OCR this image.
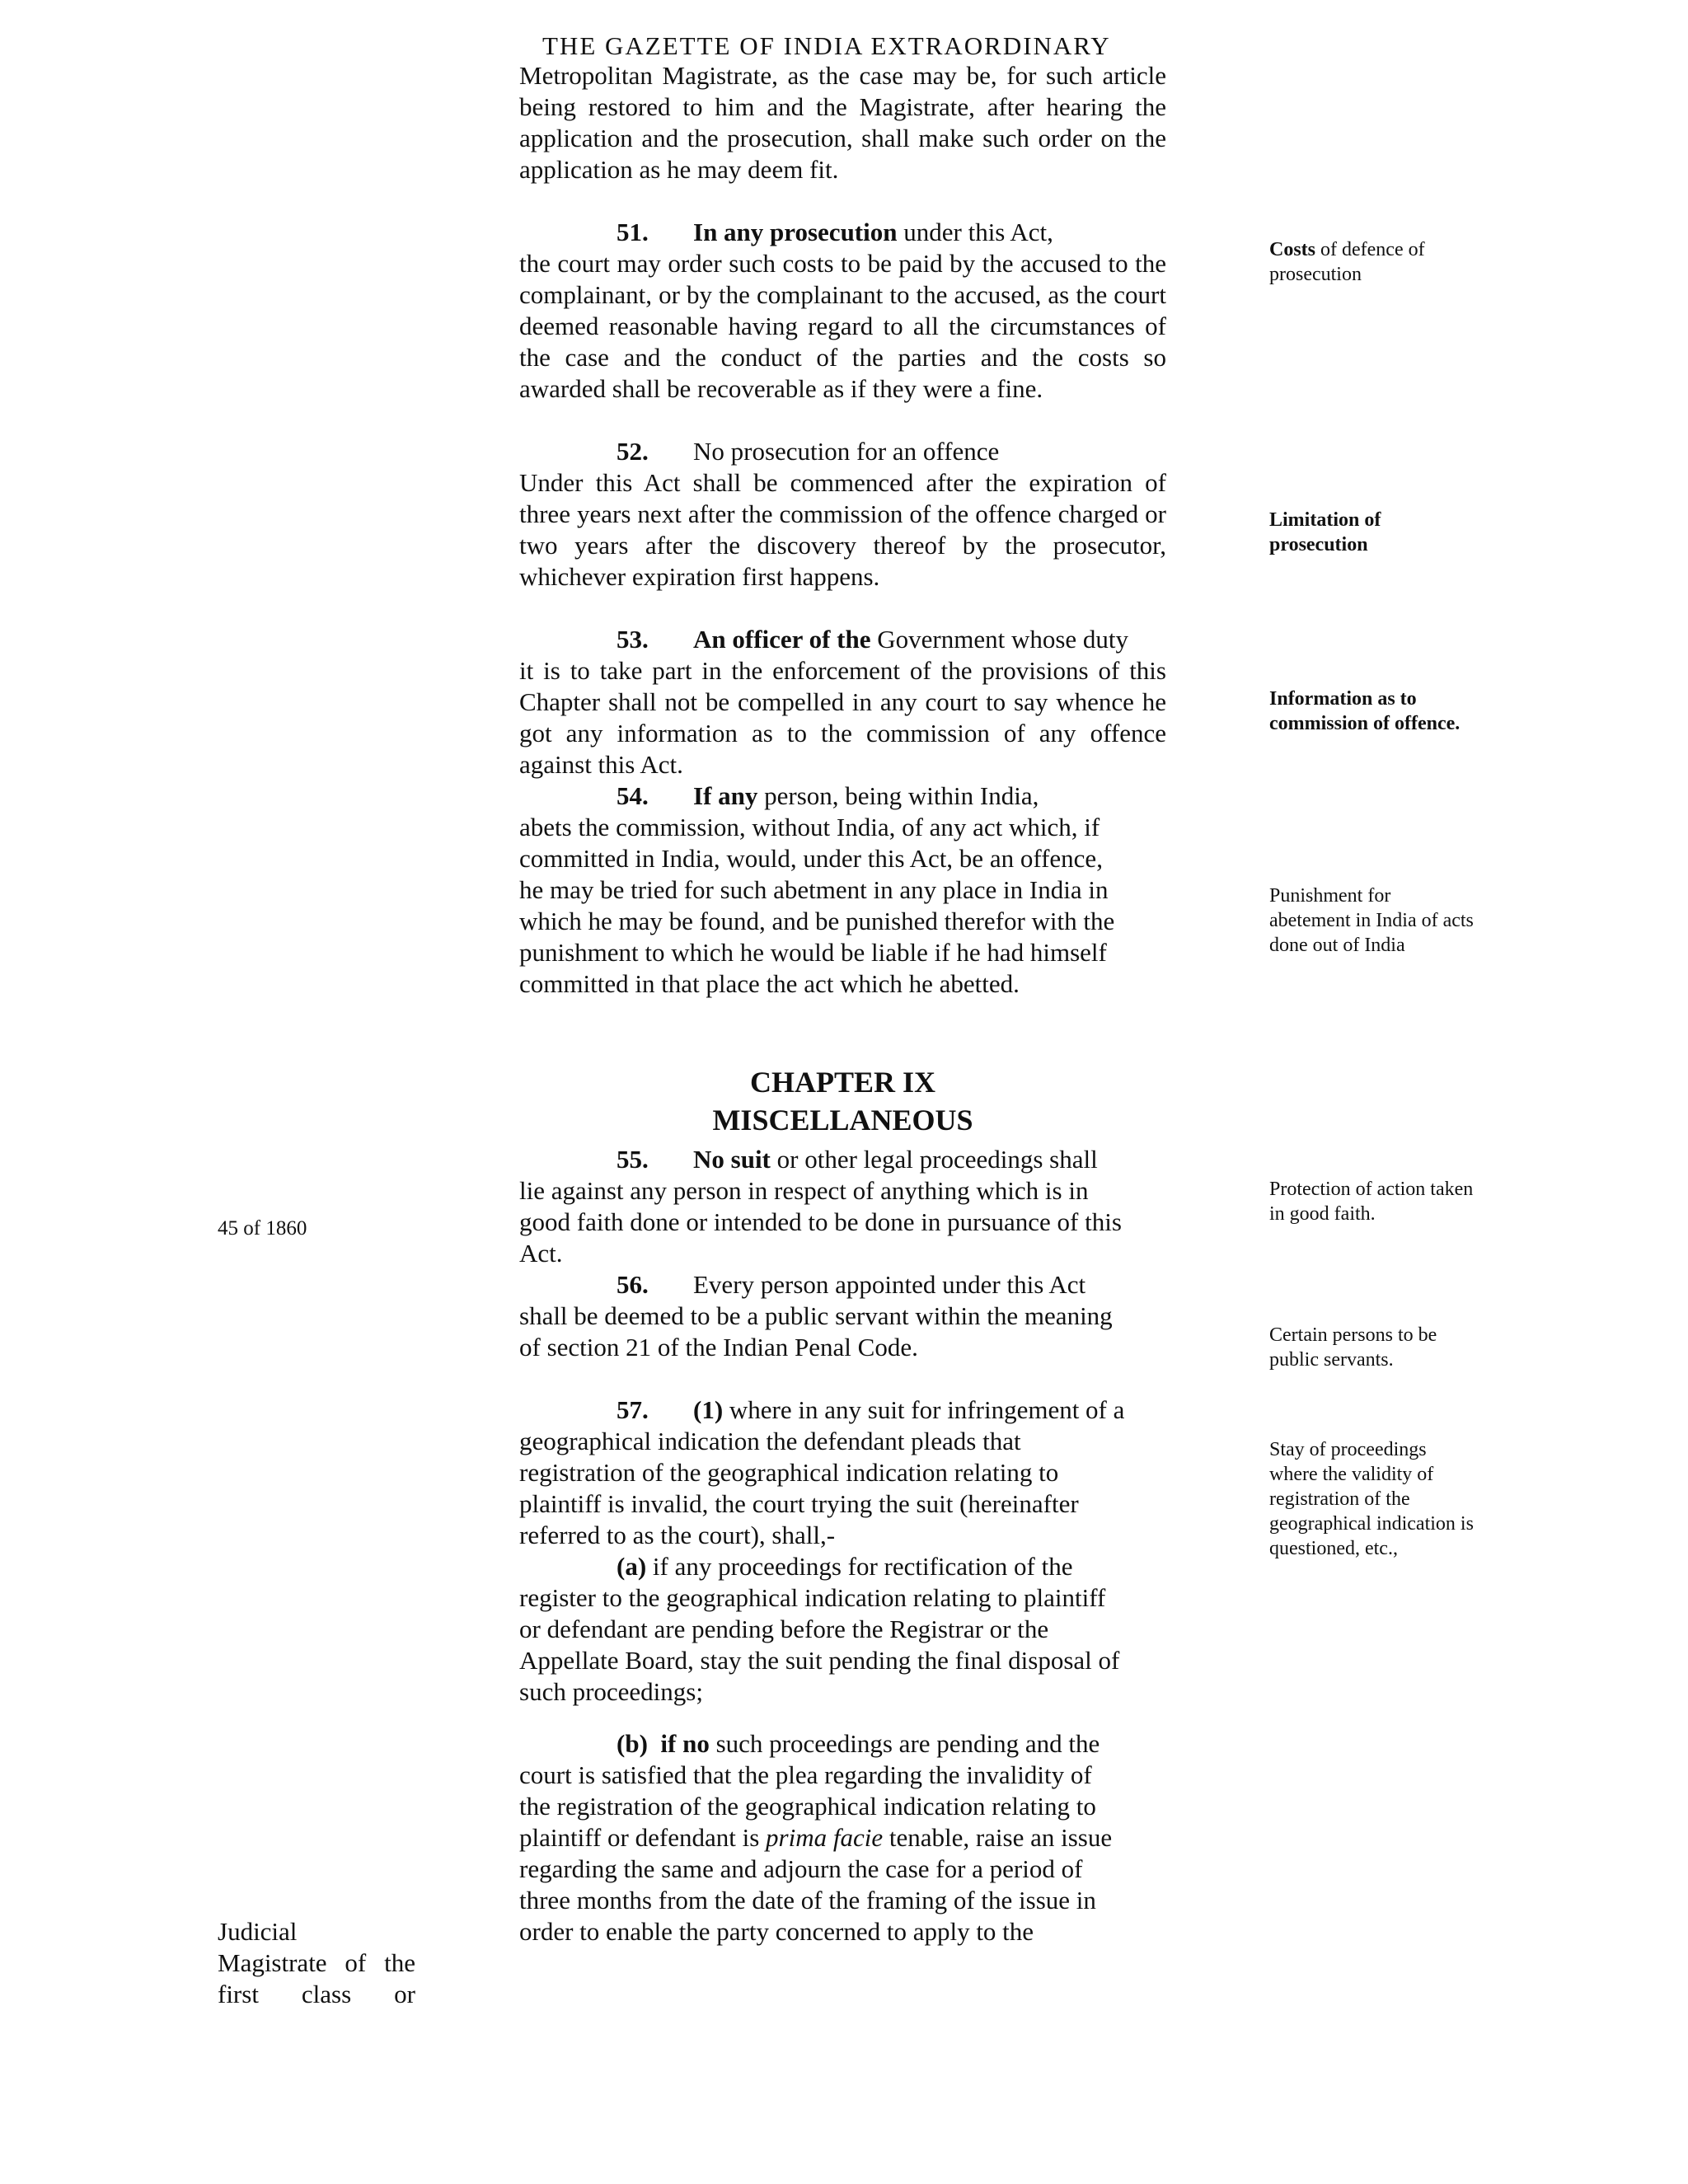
THE GAZETTE OF INDIA EXTRAORDINARY

Metropolitan Magistrate, as the case may be, for such article being restored to him and the Magistrate, after hearing the application and the prosecution, shall make such order on the application as he may deem fit.

51. In any prosecution under this Act,
the court may order such costs to be paid by the accused to the complainant, or by the complainant to the accused, as the court deemed reasonable having regard to all the circumstances of the case and the conduct of the parties and the costs so awarded shall be recoverable as if they were a fine.
52. No prosecution for an offence
Under this Act shall be commenced after the expiration of three years next after the commission of the offence charged or two years after the discovery thereof by the prosecutor, whichever expiration first happens.
53. An officer of the Government whose duty
it is to take part in the enforcement of the provisions of this Chapter shall not be compelled in any court to say whence he got any information as to the commission of any offence against this Act.
54. If any person, being within India,
abets the commission, without India, of any act which, if
committed in India, would, under this Act, be an offence,
he may be tried for such abetment in any place in India in
which he may be found, and be punished therefor with the
punishment to which he would be liable if he had himself
committed in that place the act which he abetted.
CHAPTER IX
MISCELLANEOUS
55. No suit or other legal proceedings shall
lie against any person in respect of anything which is in
good faith done or intended to be done in pursuance of this
Act.
56. Every person appointed under this Act
shall be deemed to be a public servant within the meaning
of section 21 of the Indian Penal Code.
57. (1) where in any suit for infringement of a
geographical indication the defendant pleads that
registration of the geographical indication relating to
plaintiff is invalid, the court trying the suit (hereinafter
referred to as the court), shall,-
(a) if any proceedings for rectification of the
register to the geographical indication relating to plaintiff
or defendant are pending before the Registrar or the
Appellate Board, stay the suit pending the final disposal of
such proceedings;
(b) if no such proceedings are pending and the
court is satisfied that the plea regarding the invalidity of
the registration of the geographical indication relating to
plaintiff or defendant is prima facie tenable, raise an issue
regarding the same and adjourn the case for a period of
three months from the date of the framing of the issue in
order to enable the party concerned to apply to the
Costs of defence of prosecution
Limitation of prosecution
Information as to commission of offence.
Punishment for abetement in India of acts done out of India
Protection of action taken in good faith.
Certain persons to be public servants.
Stay of proceedings where the validity of registration of the geographical indication is questioned, etc.,
45 of 1860
Judicial
Magistrate of the
first class or
